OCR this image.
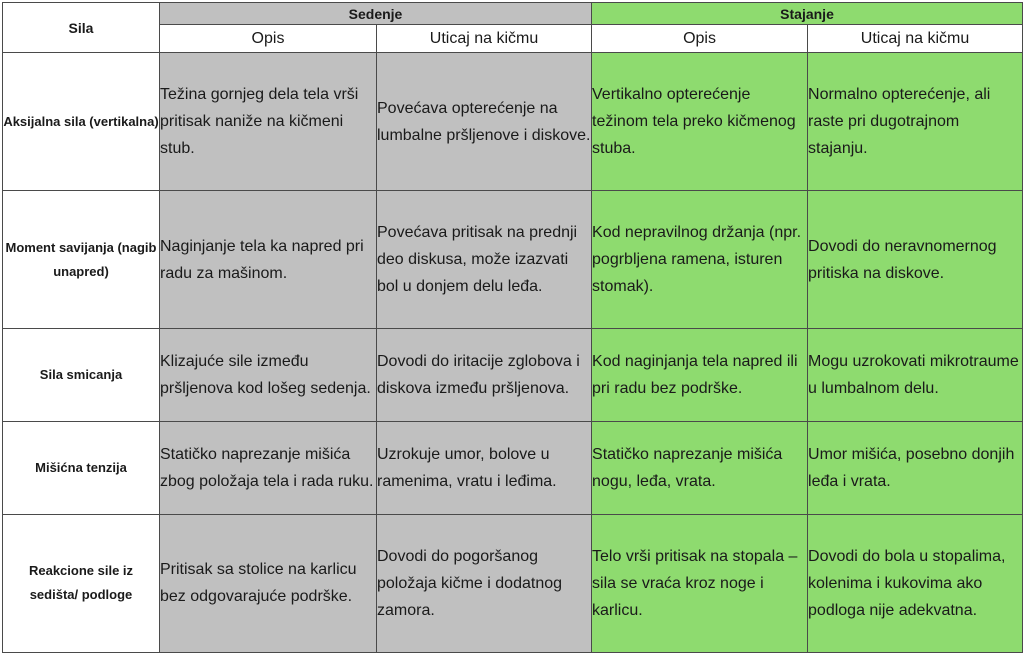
Sila	Sedenje		Stajanje	
	Opis	Uticaj na kičmu	Opis	Uticaj na kičmu
Aksijalna sila (vertikalna)	Težina gornjeg dela tela vrši pritisak naniže na kičmeni stub.	Povećava opterećenje na lumbalne pršljenove i diskove.	Vertikalno opterećenje težinom tela preko kičmenog stuba.	Normalno opterećenje, ali raste pri dugotrajnom stajanju.
Moment savijanja (nagib unapred)	Naginjanje tela ka napred pri radu za mašinom.	Povećava pritisak na prednji deo diskusa, može izazvati bol u donjem delu leđa.	Kod nepravilnog držanja (npr. pogrbljena ramena, isturen stomak).	Dovodi do neravnomernog pritiska na diskove.
Sila smicanja	Klizajuće sile između pršljenova kod lošeg sedenja.	Dovodi do iritacije zglobova i diskova između pršljenova.	Kod naginjanja tela napred ili pri radu bez podrške.	Mogu uzrokovati mikrotraume u lumbalnom delu.
Mišićna tenzija	Statičko naprezanje mišića zbog položaja tela i rada ruku.	Uzrokuje umor, bolove u ramenima, vratu i leđima.	Statičko naprezanje mišića nogu, leđa, vrata.	Umor mišića, posebno donjih leđa i vrata.
Reakcione sile iz sedišta/ podloge	Pritisak sa stolice na karlicu bez odgovarajuće podrške.	Dovodi do pogoršanog položaja kičme i dodatnog zamora.	Telo vrši pritisak na stopala – sila se vraća kroz noge i karlicu.	Dovodi do bola u stopalima, kolenima i kukovima ako podloga nije adekvatna.
